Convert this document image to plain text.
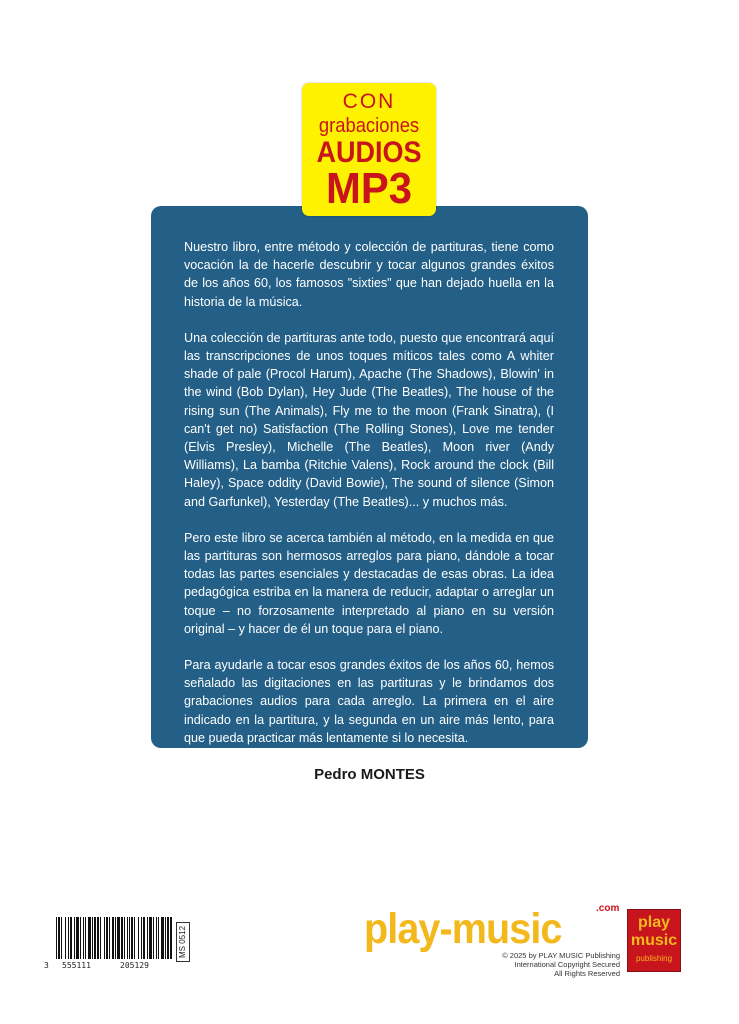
CON
grabaciones
AUDIOS
MP3

Nuestro libro, entre método y colección de partituras, tiene como vocación la de hacerle descubrir y tocar algunos grandes éxitos de los años 60, los famosos "sixties" que han dejado huella en la historia de la música.

Una colección de partituras ante todo, puesto que encontrará aquí las transcripciones de unos toques míticos tales como A whiter shade of pale (Procol Harum), Apache (The Shadows), Blowin' in the wind (Bob Dylan), Hey Jude (The Beatles), The house of the rising sun (The Animals), Fly me to the moon (Frank Sinatra), (I can't get no) Satisfaction (The Rolling Stones), Love me tender (Elvis Presley), Michelle (The Beatles), Moon river (Andy Williams), La bamba (Ritchie Valens), Rock around the clock (Bill Haley), Space oddity (David Bowie), The sound of silence (Simon and Garfunkel), Yesterday (The Beatles)... y muchos más.

Pero este libro se acerca también al método, en la medida en que las partituras son hermosos arreglos para piano, dándole a tocar todas las partes esenciales y destacadas de esas obras. La idea pedagógica estriba en la manera de reducir, adaptar o arreglar un toque – no forzosamente interpretado al piano en su versión original – y hacer de él un toque para el piano.

Para ayudarle a tocar esos grandes éxitos de los años 60, hemos señalado las digitaciones en las partituras y le brindamos dos grabaciones audios para cada arreglo. La primera en el aire indicado en la partitura, y la segunda en un aire más lento, para que pueda practicar más lentamente si lo necesita.

Pedro MONTES
3 555111	205129
MS 0512	play-music	.com
play
music
publishing
© 2025 by PLAY MUSIC Publishing
International Copyright Secured
All Rights Reserved
